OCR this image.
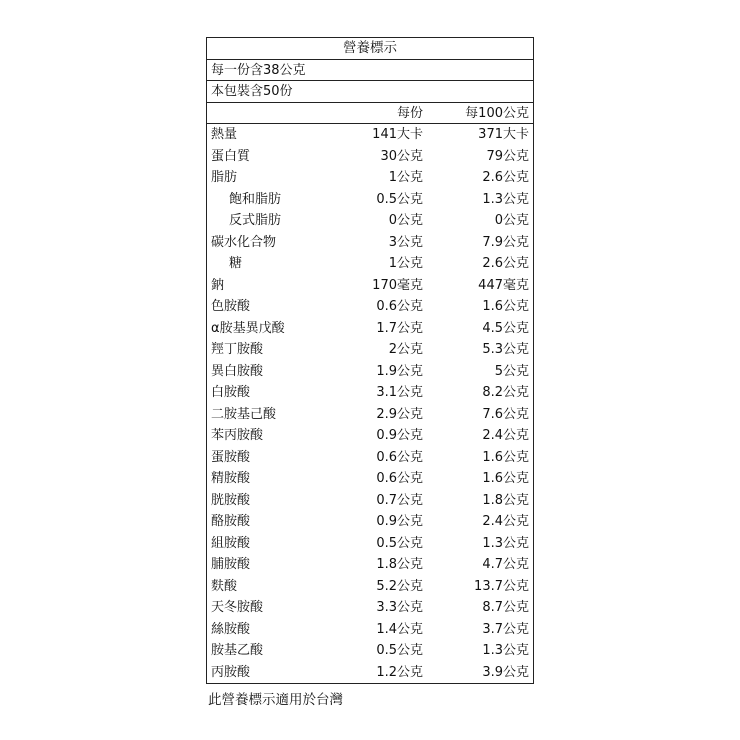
營養標示
每一份含38公克
本包裝含50份
每份	每100公克
熱量	141大卡	371大卡
蛋白質	30公克	79公克
脂肪	1公克	2.6公克
飽和脂肪	0.5公克	1.3公克
反式脂肪	0公克	0公克
碳水化合物	3公克	7.9公克
糖	1公克	2.6公克
鈉	170毫克	447毫克
色胺酸	0.6公克	1.6公克
α胺基異戊酸	1.7公克	4.5公克
羥丁胺酸	2公克	5.3公克
異白胺酸	1.9公克	5公克
白胺酸	3.1公克	8.2公克
二胺基己酸	2.9公克	7.6公克
苯丙胺酸	0.9公克	2.4公克
蛋胺酸	0.6公克	1.6公克
精胺酸	0.6公克	1.6公克
胱胺酸	0.7公克	1.8公克
酪胺酸	0.9公克	2.4公克
組胺酸	0.5公克	1.3公克
脯胺酸	1.8公克	4.7公克
麩酸	5.2公克	13.7公克
天冬胺酸	3.3公克	8.7公克
絲胺酸	1.4公克	3.7公克
胺基乙酸	0.5公克	1.3公克
丙胺酸	1.2公克	3.9公克
此營養標示適用於台灣
